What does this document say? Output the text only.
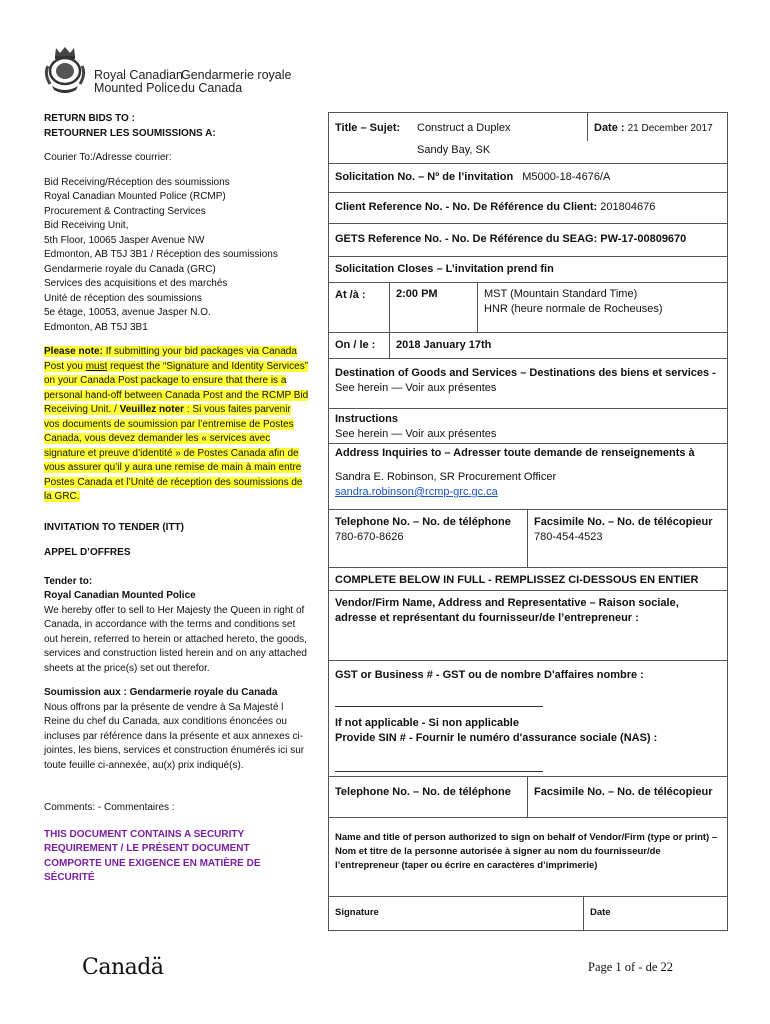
Royal Canadian
Mounted Police
Gendarmerie royale
du Canada

RETURN BIDS TO :

RETOURNER LES SOUMISSIONS A:

Courier To:/Adresse courrier:

Bid Receiving/Réception des soumissions
Royal Canadian Mounted Police (RCMP)
Procurement & Contracting Services
Bid Receiving Unit,
5th Floor, 10065 Jasper Avenue NW
Edmonton, AB T5J 3B1 / Réception des soumissions
Gendarmerie royale du Canada (GRC)
Services des acquisitions et des marchés
Unité de réception des soumissions
5e étage, 10053, avenue Jasper N.O.
Edmonton, AB T5J 3B1

Please note: If submitting your bid packages via Canada Post you must request the “Signature and Identity Services” on your Canada Post package to ensure that there is a personal hand-off between Canada Post and the RCMP Bid Receiving Unit. / Veuillez noter : Si vous faites parvenir vos documents de soumission par l’entremise de Postes Canada, vous devez demander les « services avec signature et preuve d’identité » de Postes Canada afin de vous assurer qu’il y aura une remise de main à main entre Postes Canada et l’Unité de réception des soumissions de la GRC.

INVITATION TO TENDER (ITT)

APPEL D’OFFRES

Tender to:

Royal Canadian Mounted Police

We hereby offer to sell to Her Majesty the Queen in right of Canada, in accordance with the terms and conditions set out herein, referred to herein or attached hereto, the goods, services and construction listed herein and on any attached sheets at the price(s) set out therefor.

Soumission aux : Gendarmerie royale du Canada

Nous offrons par la présente de vendre à Sa Majesté l Reine du chef du Canada, aux conditions énoncées ou incluses par référence dans la présente et aux annexes ci-jointes, les biens, services et construction énumérés ici sur toute feuille ci-annexée, au(x) prix indiqué(s).

Comments: - Commentaires :

THIS DOCUMENT CONTAINS A SECURITY REQUIREMENT / LE PRÉSENT DOCUMENT COMPORTE UNE EXIGENCE EN MATIÈRE DE SÉCURITÉ

Title – Sujet: Construct a Duplex
Sandy Bay, SK
Date : 21 December 2017
Solicitation No. – Nº de l’invitation M5000-18-4676/A
Client Reference No. - No. De Référence du Client: 201804676
GETS Reference No. - No. De Référence du SEAG: PW-17-00809670
Solicitation Closes – L’invitation prend fin
At /à :	2:00 PM	MST (Mountain Standard Time)
HNR (heure normale de Rocheuses)
On / le :	2018 January 17th
Destination of Goods and Services – Destinations des biens et services -
See herein — Voir aux présentes
Instructions
See herein — Voir aux présentes
Address Inquiries to – Adresser toute demande de renseignements à
Sandra E. Robinson, SR Procurement Officer
sandra.robinson@rcmp-grc.gc.ca
Telephone No. – No. de téléphone
780-670-8626
Facsimile No. – No. de télécopieur
780-454-4523
COMPLETE BELOW IN FULL - REMPLISSEZ CI-DESSOUS EN ENTIER
Vendor/Firm Name, Address and Representative – Raison sociale, adresse et représentant du fournisseur/de l’entrepreneur :
GST or Business # - GST ou de nombre D'affaires nombre :
If not applicable - Si non applicable
Provide SIN # - Fournir le numéro d'assurance sociale (NAS) :
Telephone No. – No. de téléphone	Facsimile No. – No. de télécopieur
Name and title of person authorized to sign on behalf of Vendor/Firm (type or print) – Nom et titre de la personne autorisée à signer au nom du fournisseur/de l’entrepreneur (taper ou écrire en caractères d’imprimerie)
Signature	Date
Canadä	Page 1 of - de 22
